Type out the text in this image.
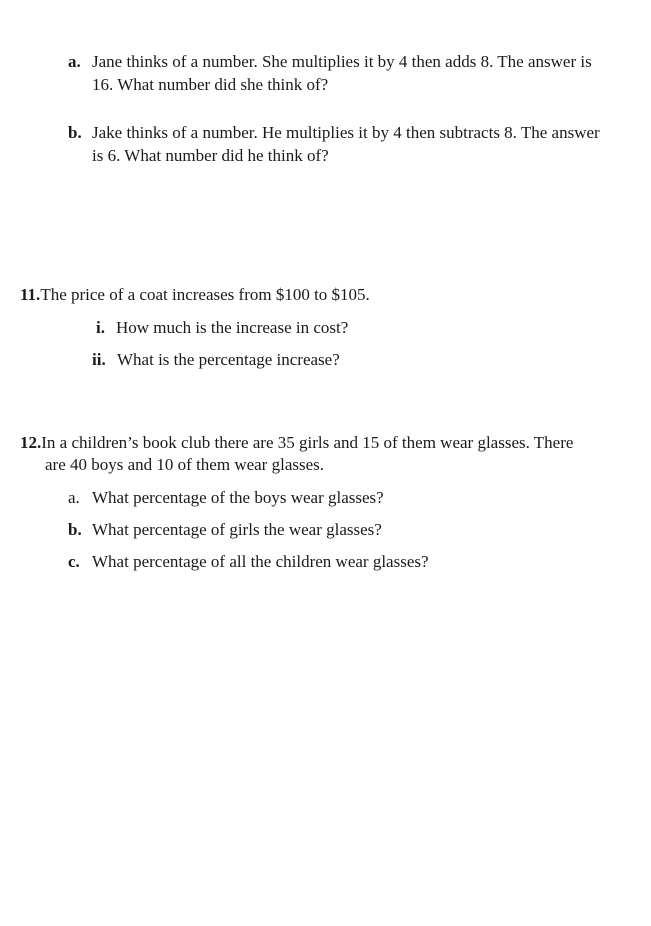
a. Jane thinks of a number. She multiplies it by 4 then adds 8. The answer is
16. What number did she think of?
b. Jake thinks of a number. He multiplies it by 4 then subtracts 8. The answer
is 6. What number did he think of?
11.The price of a coat increases from $100 to $105.
i. How much is the increase in cost?
ii. What is the percentage increase?
12.In a children’s book club there are 35 girls and 15 of them wear glasses. There
are 40 boys and 10 of them wear glasses.
a. What percentage of the boys wear glasses?
b. What percentage of girls the wear glasses?
c. What percentage of all the children wear glasses?
